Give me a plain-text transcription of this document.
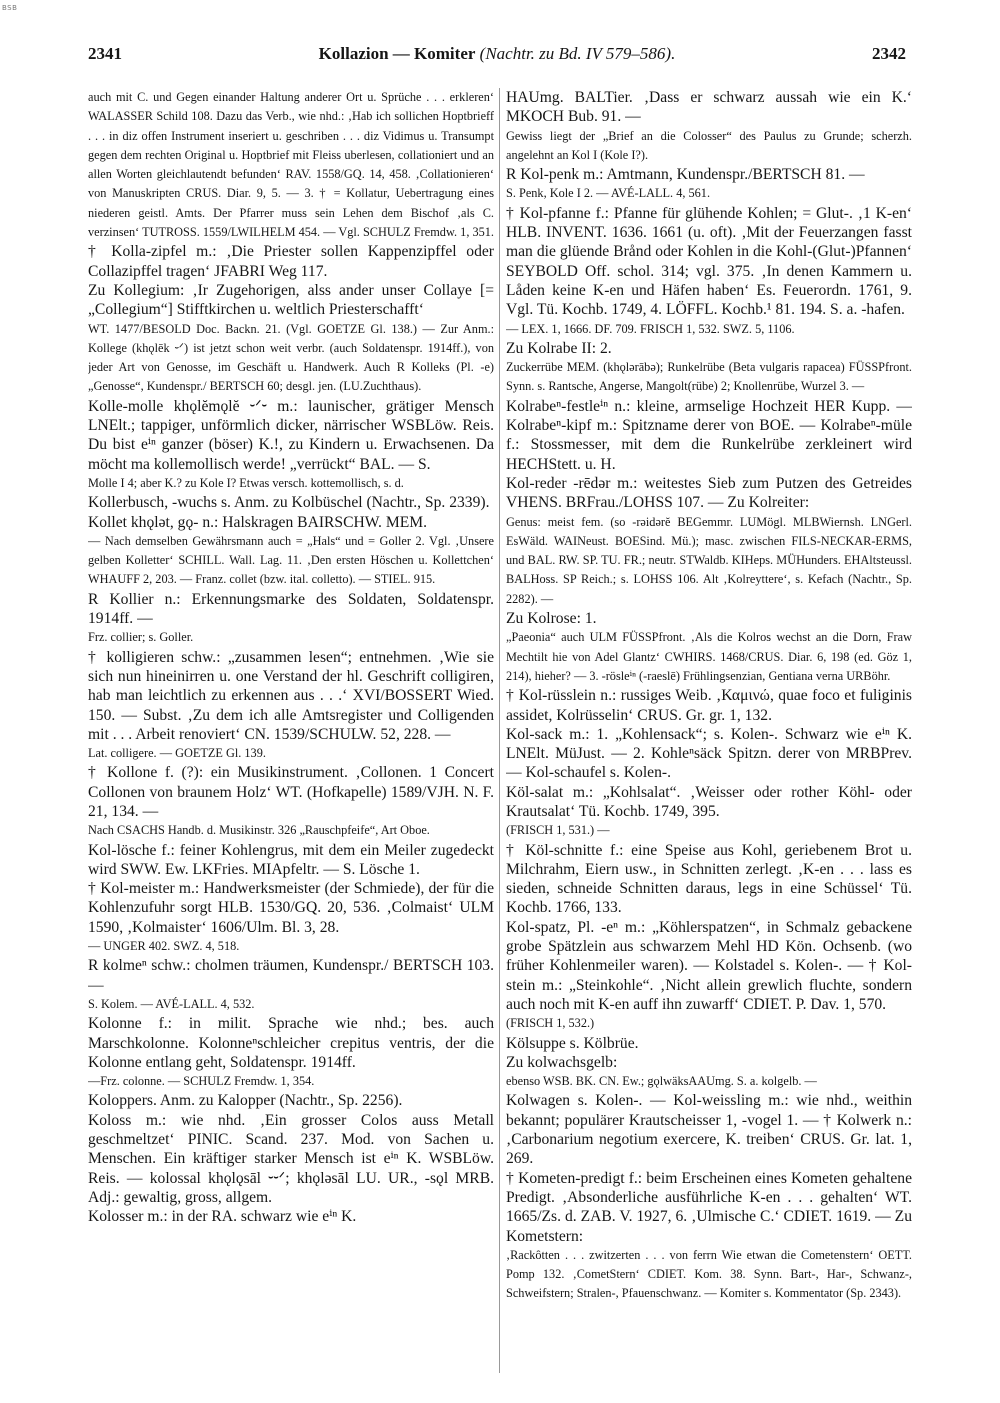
BSB
2341	Kollazion — Komiter (Nachtr. zu Bd. IV 579–586).	2342

auch mit C. und Gegen einander Haltung anderer Ort u. Sprüche . . . erkleren‘ WALASSER Schild 108. Dazu das Verb., wie nhd.: ‚Hab ich sollichen Hoptbrieff . . . in diz offen Instrument inseriert u. geschriben . . . diz Vidimus u. Transumpt gegen dem rechten Original u. Hoptbrief mit Fleiss uberlesen, collationiert und an allen Worten gleichlautendt befunden‘ RAV. 1558/GQ. 14, 458. ‚Collationieren‘ von Manuskripten CRUS. Diar. 9, 5. — 3. † = Kollatur, Uebertragung eines niederen geistl. Amts. Der Pfarrer muss sein Lehen dem Bischof ‚als C. verzinsen‘ TUTROSS. 1559/LWILHELM 454. — Vgl. SCHULZ Fremdw. 1, 351.

† Kolla-zipfel m.: ‚Die Priester sollen Kappenzipffel oder Collazipffel tragen‘ JFABRI Weg 117.

Zu Kollegium: ‚Ir Zugehorigen, alss ander unser Collaye [= „Collegium“] Stifftkirchen u. weltlich Priesterschafft‘

WT. 1477/BESOLD Doc. Backn. 21. (Vgl. GOETZE Gl. 138.) — Zur Anm.: Kollege (khǫlēk ⏑ᐟ) ist jetzt schon weit verbr. (auch Soldatenspr. 1914ff.), von jeder Art von Genosse, im Geschäft u. Handwerk. Auch R Kolleks (Pl. -e) „Genosse“, Kundenspr./ BERTSCH 60; desgl. jen. (LU.Zuchthaus).

Kolle-molle khǫlĕmǫlĕ ⏑ᐟ⏑ m.: launischer, grätiger Mensch LNElt.; tappiger, unförmlich dicker, närrischer WSBLöw. Reis. Du bist eⁱⁿ ganzer (böser) K.!, zu Kindern u. Erwachsenen. Da möcht ma kollemollisch werde! „verrückt“ BAL. — S.

Molle I 4; aber K.? zu Kole I? Etwas versch. kottemollisch, s. d.

Kollerbusch, -wuchs s. Anm. zu Kolbüschel (Nachtr., Sp. 2339).

Kollet khǫlət, gǫ- n.: Halskragen BAIRSCHW. MEM.

— Nach demselben Gewährsmann auch = „Hals“ und = Goller 2. Vgl. ‚Unsere gelben Kolletter‘ SCHILL. Wall. Lag. 11. ‚Den ersten Höschen u. Kollettchen‘ WHAUFF 2, 203. — Franz. collet (bzw. ital. colletto). — STIEL. 915.

R Kollier n.: Erkennungsmarke des Soldaten, Soldatenspr. 1914ff. —

Frz. collier; s. Goller.

† kolligieren schw.: „zusammen lesen“; entnehmen. ‚Wie sie sich nun hineinirren u. one Verstand der hl. Geschrift colligiren, hab man leichtlich zu erkennen aus . . .‘ XVI/BOSSERT Wied. 150. — Subst. ‚Zu dem ich alle Amtsregister und Colligenden mit . . . Arbeit renoviert‘ CN. 1539/SCHULW. 52, 228. —

Lat. colligere. — GOETZE Gl. 139.

† Kollone f. (?): ein Musikinstrument. ‚Collonen. 1 Concert Collonen von braunem Holz‘ WT. (Hofkapelle) 1589/VJH. N. F. 21, 134. —

Nach CSACHS Handb. d. Musikinstr. 326 „Rauschpfeife“, Art Oboe.

Kol-lösche f.: feiner Kohlengrus, mit dem ein Meiler zugedeckt wird SWW. Ew. LKFries. MIApfeltr. — S. Lösche 1.

† Kol-meister m.: Handwerksmeister (der Schmiede), der für die Kohlenzufuhr sorgt HLB. 1530/GQ. 20, 536. ‚Colmaist‘ ULM 1590, ‚Kolmaister‘ 1606/Ulm. Bl. 3, 28.

— UNGER 402. SWZ. 4, 518.

R kolmeⁿ schw.: cholmen träumen, Kundenspr./ BERTSCH 103. —

S. Kolem. — AVÉ-LALL. 4, 532.

Kolonne f.: in milit. Sprache wie nhd.; bes. auch Marschkolonne. Kolonneⁿschleicher crepitus ventris, der die Kolonne entlang geht, Soldatenspr. 1914ff.

—Frz. colonne. — SCHULZ Fremdw. 1, 354.

Koloppers. Anm. zu Kalopper (Nachtr., Sp. 2256).

Koloss m.: wie nhd. ‚Ein grosser Colos auss Metall geschmeltzet‘ PINIC. Scand. 237. Mod. von Sachen u. Menschen. Ein kräftiger starker Mensch ist eⁱⁿ K. WSBLöw. Reis. — kolossal khǫlǫsāl ⏑⏑ᐟ; khǫləsāl LU. UR., -sǫl MRB. Adj.: gewaltig, gross, allgem.

Kolosser m.: in der RA. schwarz wie eⁱⁿ K.

HAUmg. BALTier. ‚Dass er schwarz aussah wie ein K.‘ MKOCH Bub. 91. —

Gewiss liegt der „Brief an die Colosser“ des Paulus zu Grunde; scherzh. angelehnt an Kol I (Kole I?).

R Kol-penk m.: Amtmann, Kundenspr./BERTSCH 81. —

S. Penk, Kole I 2. — AVÉ-LALL. 4, 561.

† Kol-pfanne f.: Pfanne für glühende Kohlen; = Glut-. ‚1 K-en‘ HLB. INVENT. 1636. 1661 (u. oft). ‚Mit der Feuerzangen fasst man die glüende Brånd oder Kohlen in die Kohl-(Glut-)Pfannen‘ SEYBOLD Off. schol. 314; vgl. 375. ‚In denen Kammern u. Låden keine K-en und Häfen haben‘ Es. Feuerordn. 1761, 9. Vgl. Tü. Kochb. 1749, 4. LÖFFL. Kochb.¹ 81. 194. S. a. -hafen.

— LEX. 1, 1666. DF. 709. FRISCH 1, 532. SWZ. 5, 1106.

Zu Kolrabe II: 2.

Zuckerrübe MEM. (khǫlərābə); Runkelrübe (Beta vulgaris rapacea) FÜSSPfront. Synn. s. Rantsche, Angerse, Mangolt(rübe) 2; Knollenrübe, Wurzel 3. —

Kolrabeⁿ-festleⁱⁿ n.: kleine, armselige Hochzeit HER Kupp. — Kolrabeⁿ-kipf m.: Spitzname derer von BOE. — Kolrabeⁿ-müle f.: Stossmesser, mit dem die Runkelrübe zerkleinert wird HECHStett. u. H.

Kol-reder -rēdər m.: weitestes Sieb zum Putzen des Getreides VHENS. BRFrau./LOHSS 107. — Zu Kolreiter:

Genus: meist fem. (so -rəidərĕ BEGemmr. LUMögl. MLBWiernsh. LNGerl. EsWäld. WAINeust. BOESind. Mü.); masc. zwischen FILS-NECKAR-ERMS, und BAL. RW. SP. TU. FR.; neutr. STWaldb. KIHeps. MÜHunders. EHAltsteussl. BALHoss. SP Reich.; s. LOHSS 106. Alt ‚Kolreyttere‘, s. Kefach (Nachtr., Sp. 2282). —

Zu Kolrose: 1.

„Paeonia“ auch ULM FÜSSPfront. ‚Als die Kolros wechst an die Dorn, Fraw Mechtilt hie von Adel Glantz‘ CWHIRS. 1468/CRUS. Diar. 6, 198 (ed. Göz 1, 214), hieher? — 3. -rösleⁱⁿ (-raeslē) Frühlingsenzian, Gentiana verna URBöhr.

† Kol-rüsslein n.: russiges Weib. ‚Καμινώ, quae foco et fuliginis assidet, Kolrüsselin‘ CRUS. Gr. gr. 1, 132.

Kol-sack m.: 1. „Kohlensack“; s. Kolen-. Schwarz wie eⁱⁿ K. LNElt. MüJust. — 2. Kohleⁿsäck Spitzn. derer von MRBPrev. — Kol-schaufel s. Kolen-.

Köl-salat m.: „Kohlsalat“. ‚Weisser oder rother Köhl- oder Krautsalat‘ Tü. Kochb. 1749, 395.

(FRISCH 1, 531.) —

† Köl-schnitte f.: eine Speise aus Kohl, geriebenem Brot u. Milchrahm, Eiern usw., in Schnitten zerlegt. ‚K-en . . . lass es sieden, schneide Schnitten daraus, legs in eine Schüssel‘ Tü. Kochb. 1766, 133.

Kol-spatz, Pl. -eⁿ m.: „Köhlerspatzen“, in Schmalz gebackene grobe Spätzlein aus schwarzem Mehl HD Kön. Ochsenb. (wo früher Kohlenmeiler waren). — Kolstadel s. Kolen-. — † Kol-stein m.: „Steinkohle“. ‚Nicht allein grewlich fluchte, sondern auch noch mit K-en auff ihn zuwarff‘ CDIET. P. Dav. 1, 570.

(FRISCH 1, 532.)

Kölsuppe s. Kölbrüe.

Zu kolwachsgelb:

ebenso WSB. BK. CN. Ew.; gǫlwäksAAUmg. S. a. kolgelb. —

Kolwagen s. Kolen-. — Kol-weissling m.: wie nhd., weithin bekannt; populärer Krautscheisser 1, -vogel 1. — † Kolwerk n.: ‚Carbonarium negotium exercere, K. treiben‘ CRUS. Gr. lat. 1, 269.

† Kometen-predigt f.: beim Erscheinen eines Kometen gehaltene Predigt. ‚Absonderliche ausführliche K-en . . . gehalten‘ WT. 1665/Zs. d. ZAB. V. 1927, 6. ‚Ulmische C.‘ CDIET. 1619. — Zu Kometstern:

‚Rackôtten . . . zwitzerten . . . von ferrn Wie etwan die Cometenstern‘ OETT. Pomp 132. ‚CometStern‘ CDIET. Kom. 38. Synn. Bart-, Har-, Schwanz-, Schweifstern; Stralen-, Pfauenschwanz. — Komiter s. Kommentator (Sp. 2343).
